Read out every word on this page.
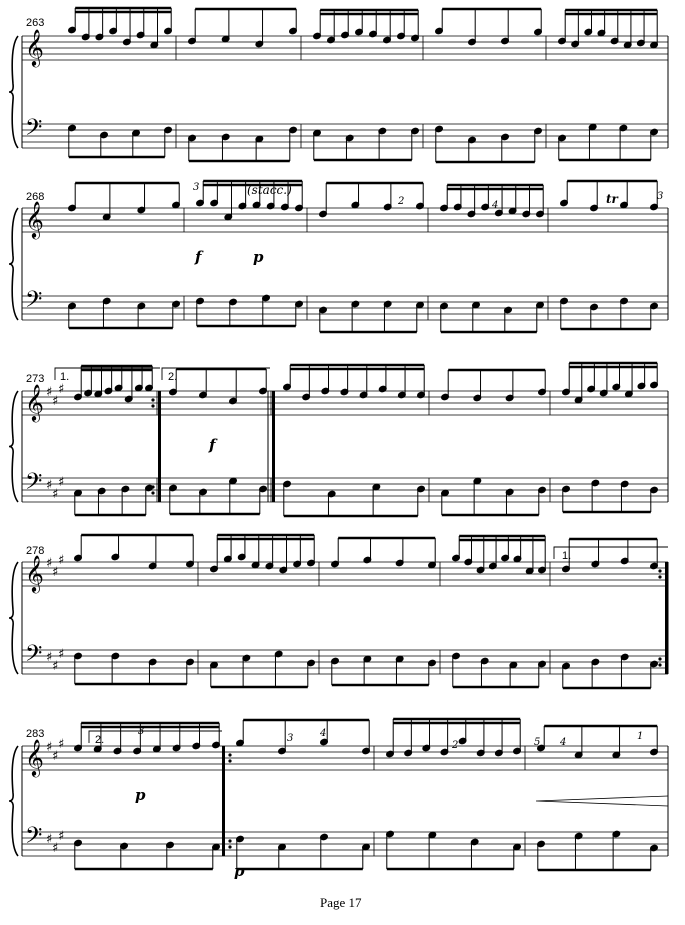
𝄞
𝄢
𝄞
𝄢
𝄞
𝄢
♯
♯
♯
♯
♯
♯
𝄞
𝄢
♯
♯
♯
♯
♯
♯
𝄞
𝄢
♯
♯
♯
♯
♯
♯
263
268
273
278
283
3	(stacc.)
f	p
2	4	tr	3
1.	2.
f
1.
2.
3
p
3	4
2	5 4
1
p
Page 17
